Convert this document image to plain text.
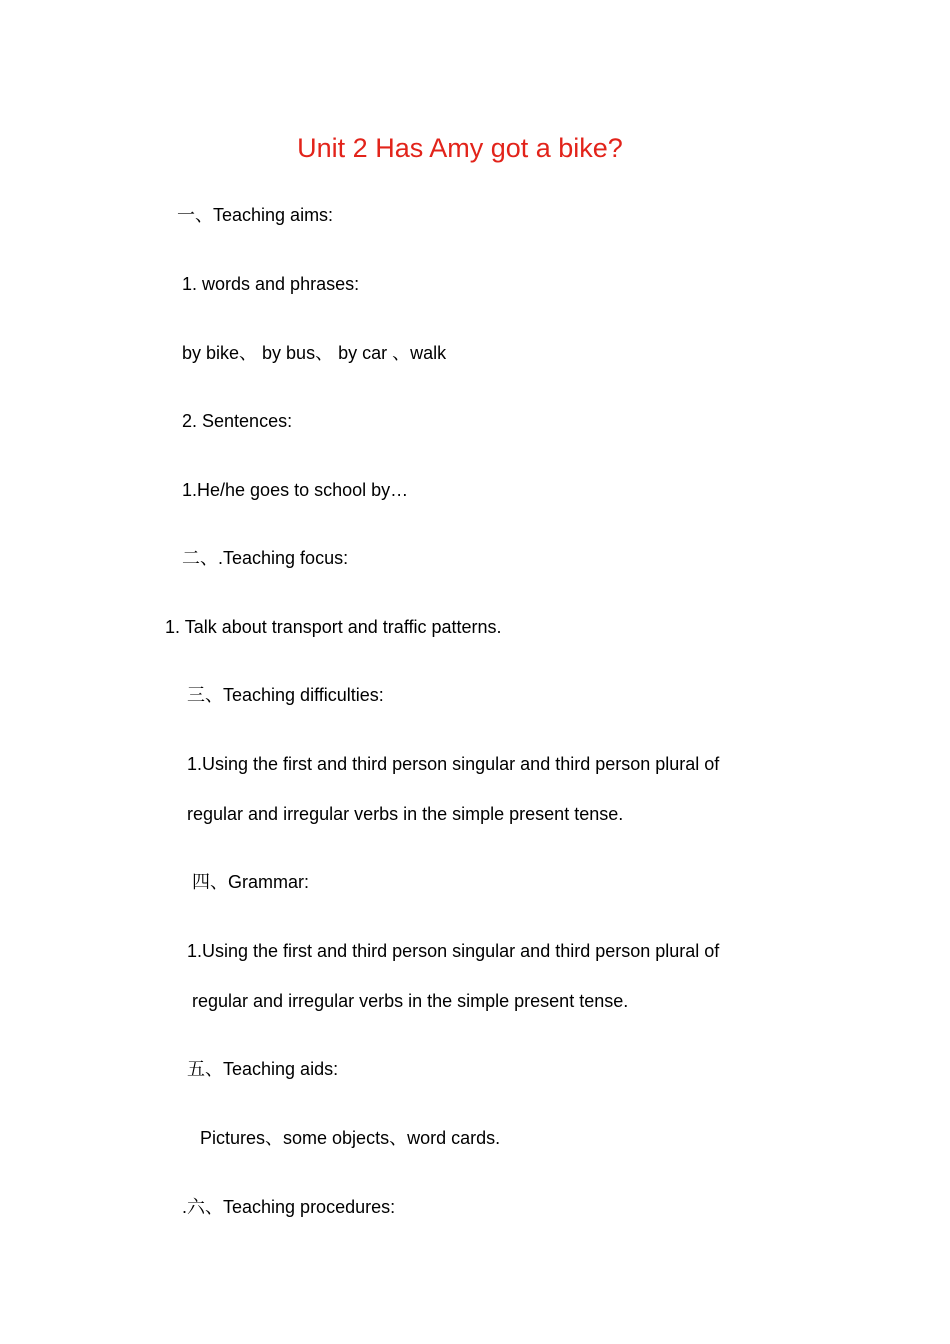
Unit 2 Has Amy got a bike?
一、Teaching aims:
1. words and phrases:
by bike、 by bus、 by car 、walk
2. Sentences:
1.He/he goes to school by…
二、.Teaching focus:
1. Talk about transport and traffic patterns.
三、Teaching difficulties:
1.Using the first and third person singular and third person plural of
regular and irregular verbs in the simple present tense.
四、Grammar:
1.Using the first and third person singular and third person plural of
regular and irregular verbs in the simple present tense.
五、Teaching aids:
Pictures、some objects、word cards.
.六、Teaching procedures:
